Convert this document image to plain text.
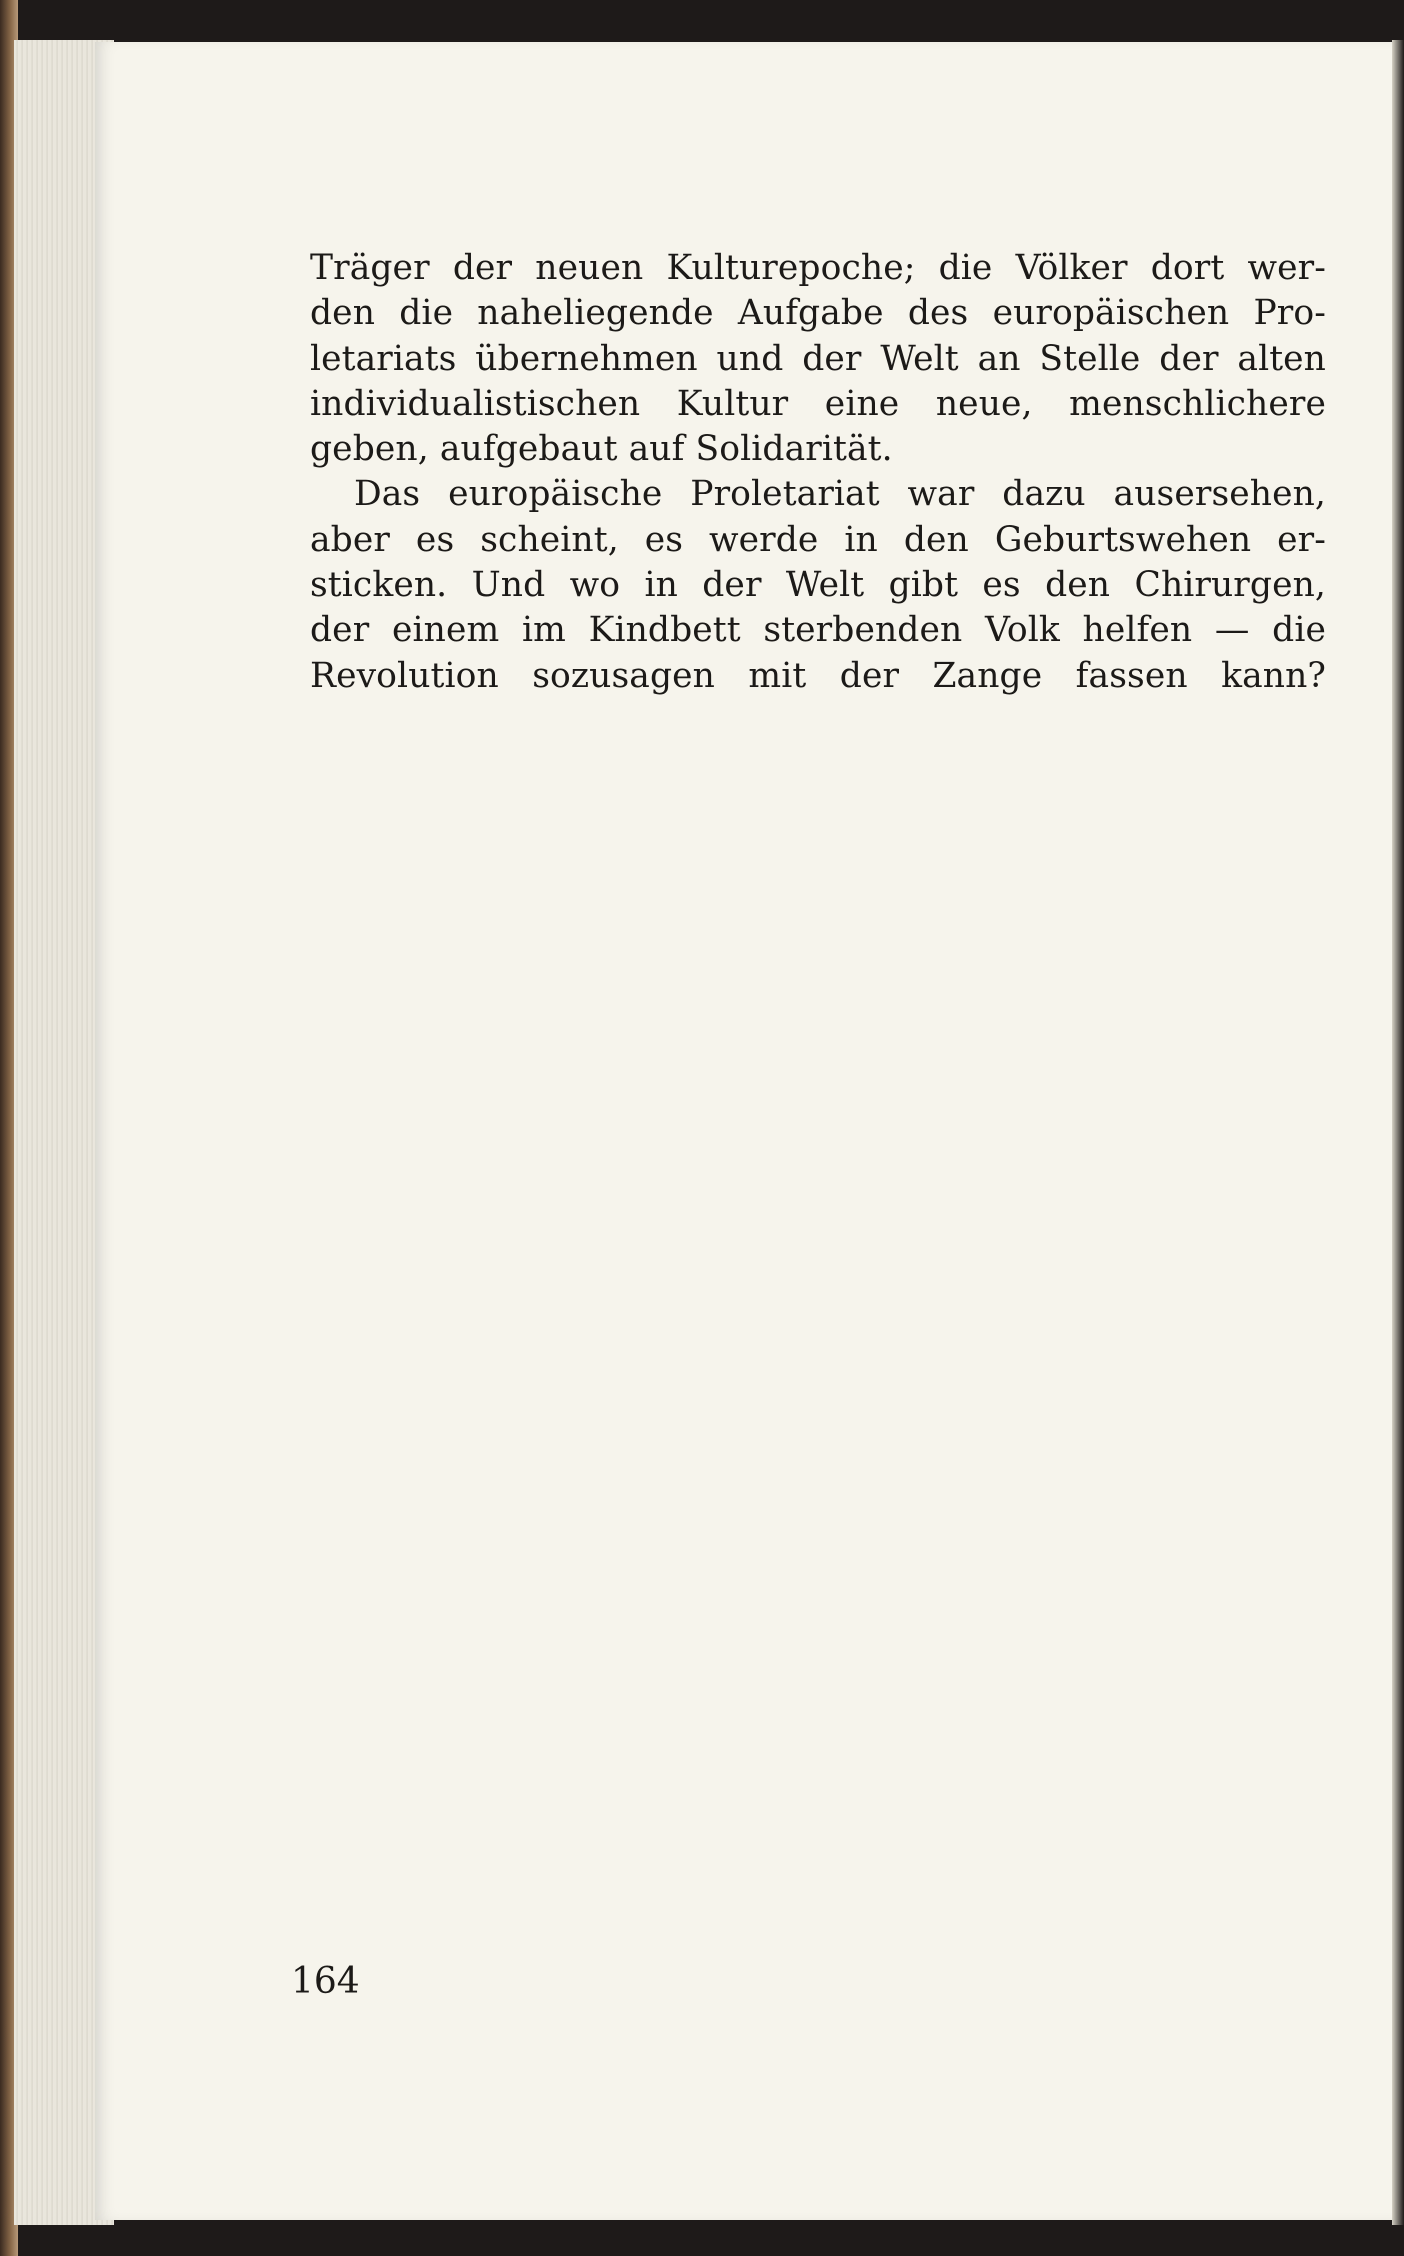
Träger der neuen Kulturepoche; die Völker dort wer-
den die naheliegende Aufgabe des europäischen Pro-
letariats übernehmen und der Welt an Stelle der alten
individualistischen Kultur eine neue, menschlichere
geben, aufgebaut auf Solidarität.
Das europäische Proletariat war dazu ausersehen,
aber es scheint, es werde in den Geburtswehen er-
sticken. Und wo in der Welt gibt es den Chirurgen,
der einem im Kindbett sterbenden Volk helfen — die
Revolution sozusagen mit der Zange fassen kann?
164
